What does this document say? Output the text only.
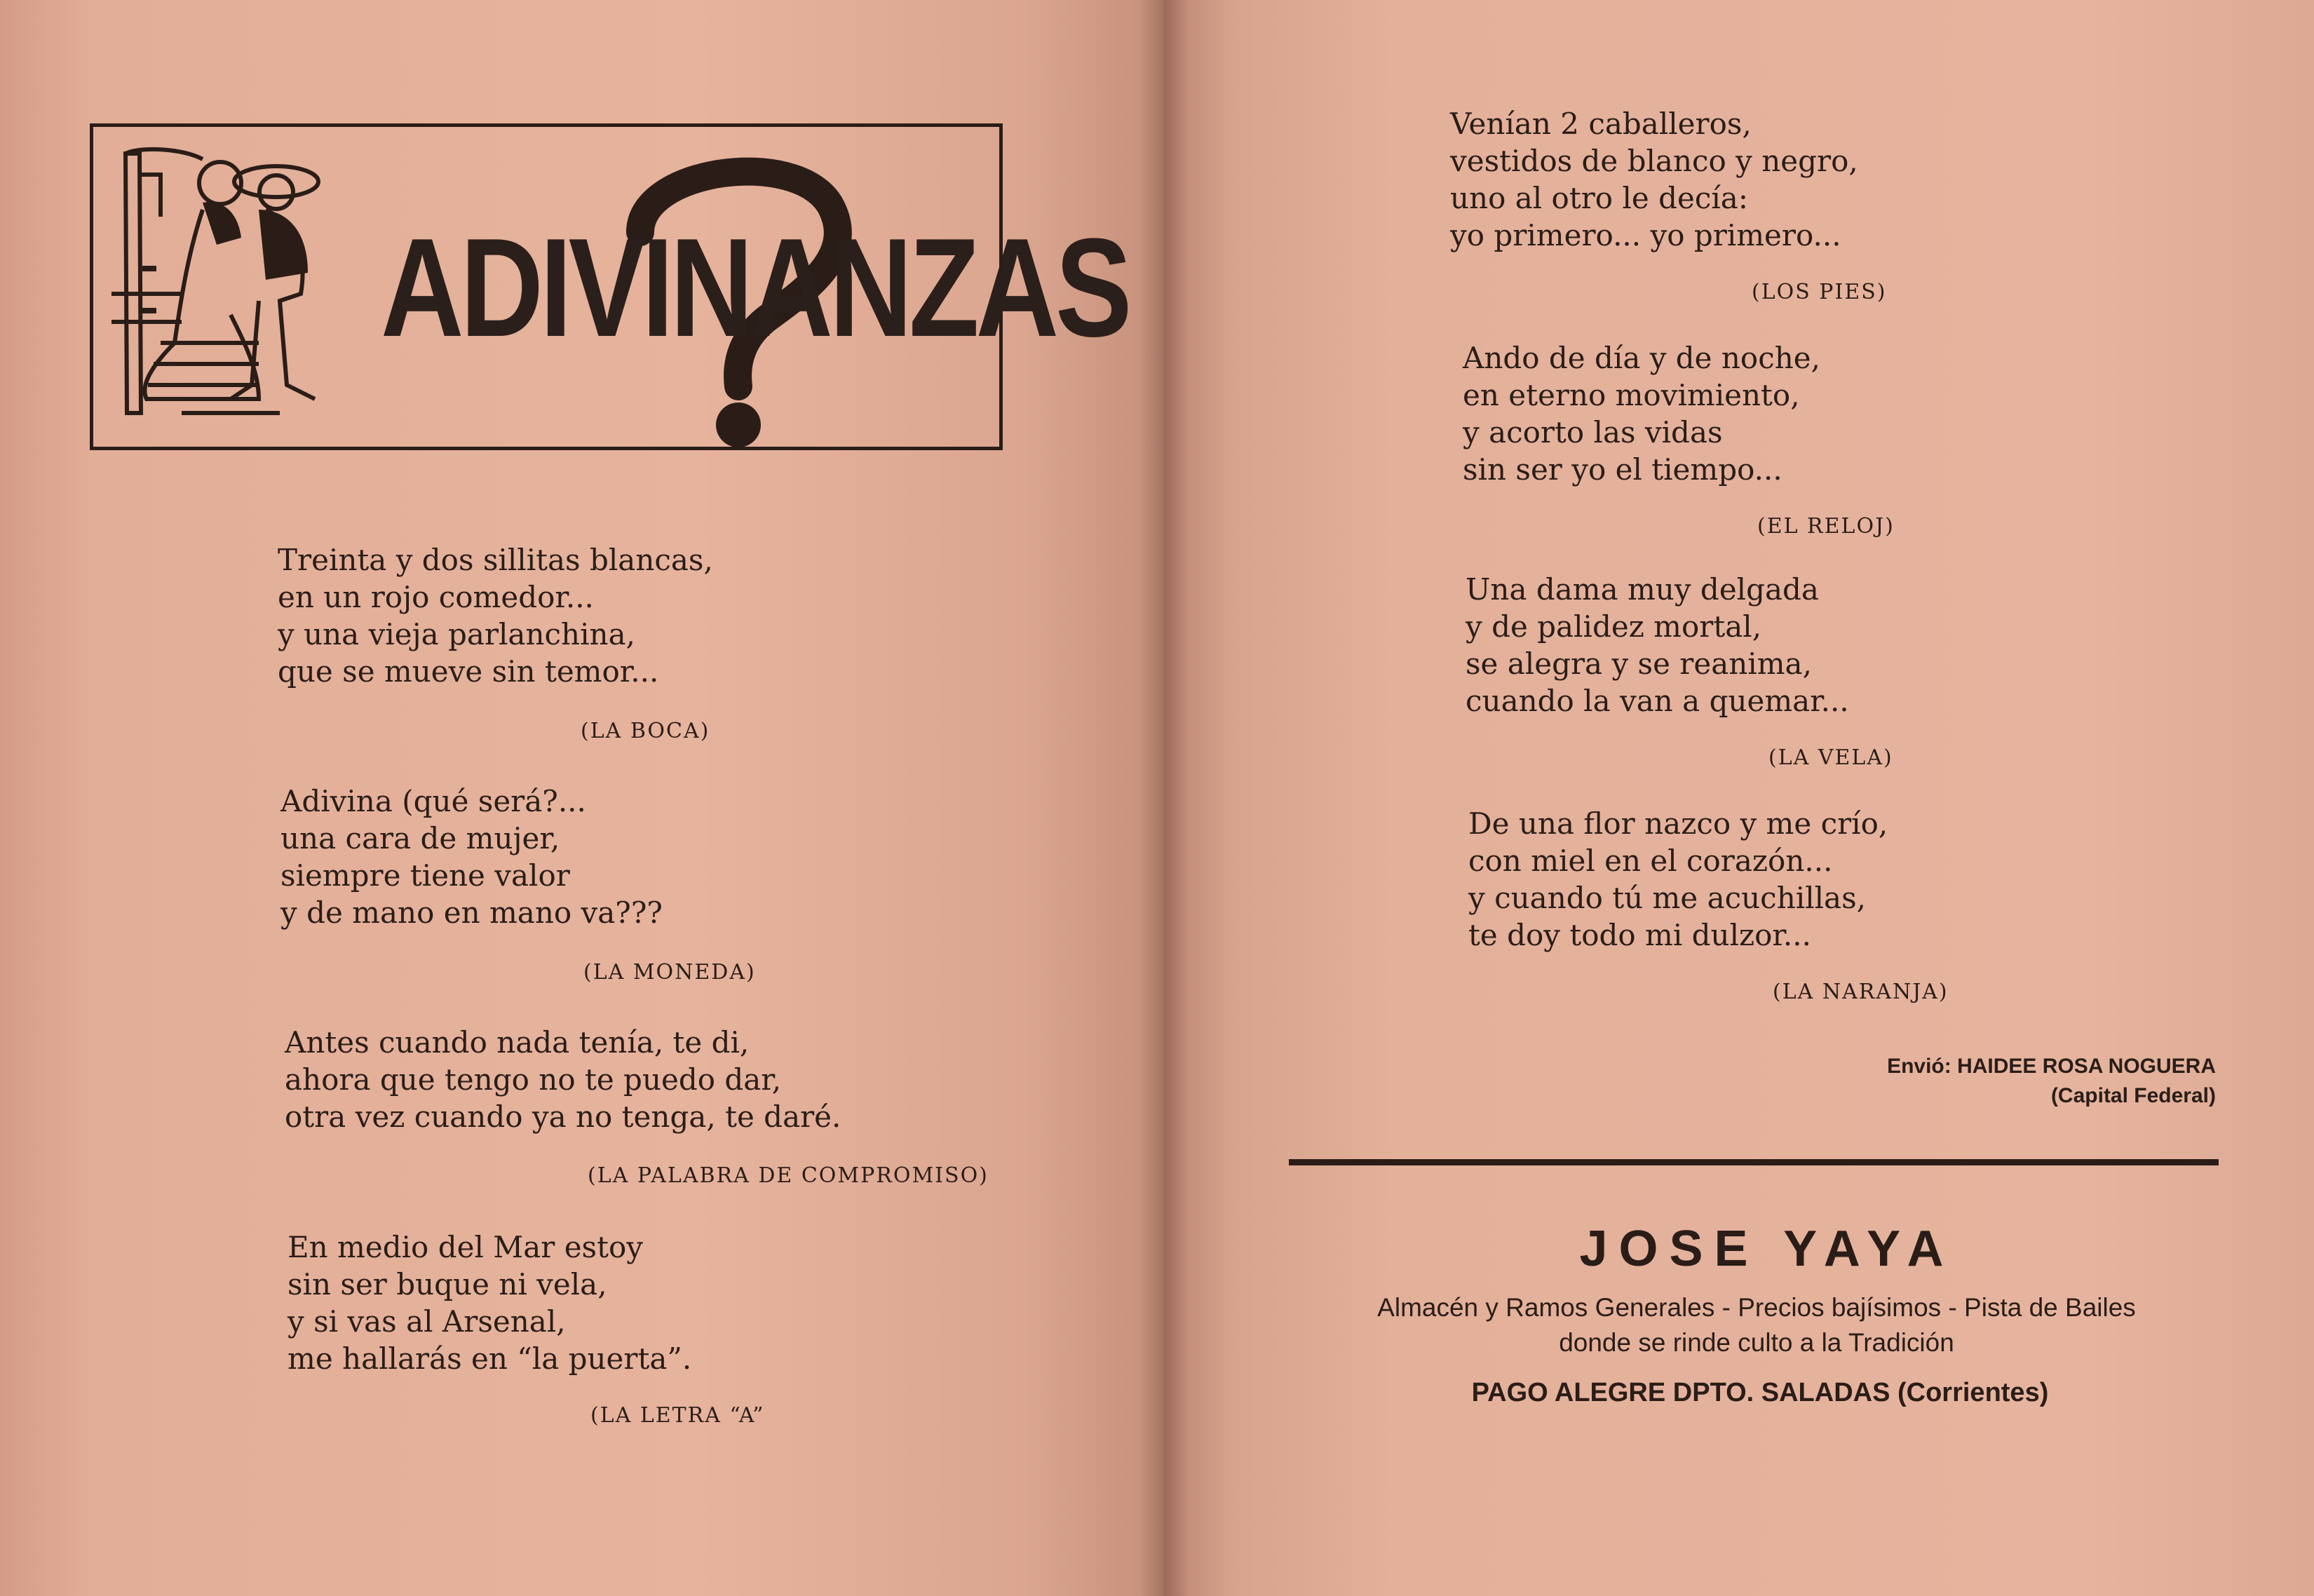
ADIVINANZAS
Treinta y dos sillitas blancas,
en un rojo comedor...
y una vieja parlanchina,
que se mueve sin temor...
(LA BOCA)
Adivina (qué será?...
una cara de mujer,
siempre tiene valor
y de mano en mano va???
(LA MONEDA)
Antes cuando nada tenía, te di,
ahora que tengo no te puedo dar,
otra vez cuando ya no tenga, te daré.
(LA PALABRA DE COMPROMISO)
En medio del Mar estoy
sin ser buque ni vela,
y si vas al Arsenal,
me hallarás en “la puerta”.
(LA LETRA “A”
Venían 2 caballeros,
vestidos de blanco y negro,
uno al otro le decía:
yo primero... yo primero...
(LOS PIES)
Ando de día y de noche,
en eterno movimiento,
y acorto las vidas
sin ser yo el tiempo...
(EL RELOJ)
Una dama muy delgada
y de palidez mortal,
se alegra y se reanima,
cuando la van a quemar...
(LA VELA)
De una flor nazco y me crío,
con miel en el corazón...
y cuando tú me acuchillas,
te doy todo mi dulzor...
(LA NARANJA)
Envió: HAIDEE ROSA NOGUERA
(Capital Federal)
JOSE YAYA
Almacén y Ramos Generales - Precios bajísimos - Pista de Bailes
donde se rinde culto a la Tradición
PAGO ALEGRE DPTO. SALADAS (Corrientes)
